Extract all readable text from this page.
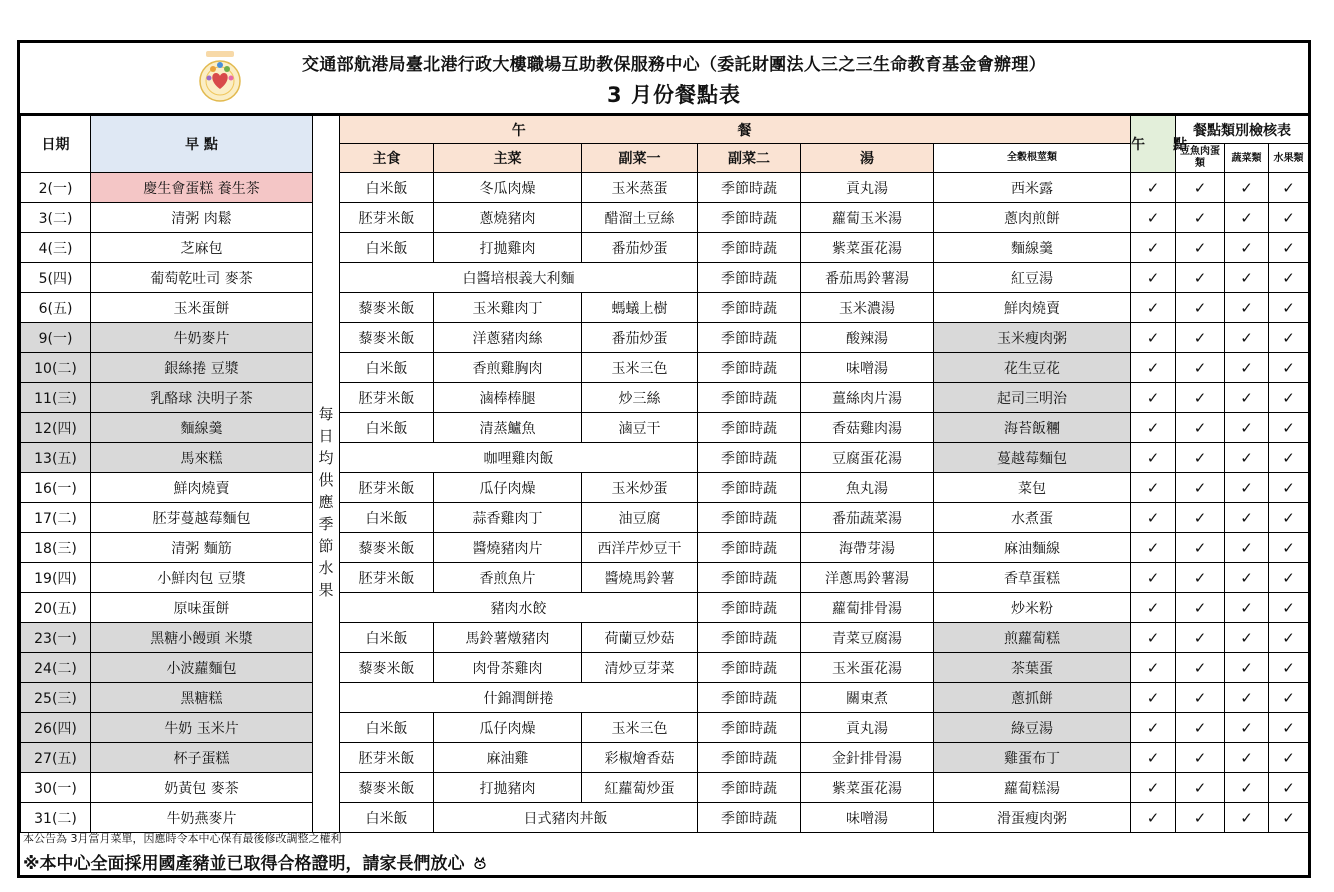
交通部航港局臺北港行政大樓職場互助教保服務中心（委託財團法人三之三生命教育基金會辦理）
3 月份餐點表
日期	早 點		午			餐			午　　點	餐點類別檢核表		
			主食	主菜	副菜一	副菜二	湯	全穀根莖類		豆魚肉蛋類	蔬菜類	水果類
2(一)	慶生會蛋糕 養生茶	每日均供應季節水果	白米飯	冬瓜肉燥	玉米蒸蛋	季節時蔬	貢丸湯	西米露	✓	✓	✓	✓
3(二)	清粥 肉鬆		胚芽米飯	蔥燒豬肉	醋溜土豆絲	季節時蔬	蘿蔔玉米湯	蔥肉煎餅	✓	✓	✓	✓
4(三)	芝麻包		白米飯	打拋雞肉	番茄炒蛋	季節時蔬	紫菜蛋花湯	麵線羹	✓	✓	✓	✓
5(四)	葡萄乾吐司 麥茶		白醬培根義大利麵			季節時蔬	番茄馬鈴薯湯	紅豆湯	✓	✓	✓	✓
6(五)	玉米蛋餅		藜麥米飯	玉米雞肉丁	螞蟻上樹	季節時蔬	玉米濃湯	鮮肉燒賣	✓	✓	✓	✓
9(一)	牛奶麥片		藜麥米飯	洋蔥豬肉絲	番茄炒蛋	季節時蔬	酸辣湯	玉米瘦肉粥	✓	✓	✓	✓
10(二)	銀絲捲 豆漿		白米飯	香煎雞胸肉	玉米三色	季節時蔬	味噌湯	花生豆花	✓	✓	✓	✓
11(三)	乳酪球 決明子茶		胚芽米飯	滷棒棒腿	炒三絲	季節時蔬	薑絲肉片湯	起司三明治	✓	✓	✓	✓
12(四)	麵線羹		白米飯	清蒸鱸魚	滷豆干	季節時蔬	香菇雞肉湯	海苔飯糰	✓	✓	✓	✓
13(五)	馬來糕		咖哩雞肉飯			季節時蔬	豆腐蛋花湯	蔓越莓麵包	✓	✓	✓	✓
16(一)	鮮肉燒賣		胚芽米飯	瓜仔肉燥	玉米炒蛋	季節時蔬	魚丸湯	菜包	✓	✓	✓	✓
17(二)	胚芽蔓越莓麵包		白米飯	蒜香雞肉丁	油豆腐	季節時蔬	番茄蔬菜湯	水煮蛋	✓	✓	✓	✓
18(三)	清粥 麵筋		藜麥米飯	醬燒豬肉片	西洋芹炒豆干	季節時蔬	海帶芽湯	麻油麵線	✓	✓	✓	✓
19(四)	小鮮肉包 豆漿		胚芽米飯	香煎魚片	醬燒馬鈴薯	季節時蔬	洋蔥馬鈴薯湯	香草蛋糕	✓	✓	✓	✓
20(五)	原味蛋餅		豬肉水餃			季節時蔬	蘿蔔排骨湯	炒米粉	✓	✓	✓	✓
23(一)	黑糖小饅頭 米漿		白米飯	馬鈴薯燉豬肉	荷蘭豆炒菇	季節時蔬	青菜豆腐湯	煎蘿蔔糕	✓	✓	✓	✓
24(二)	小波蘿麵包		藜麥米飯	肉骨茶雞肉	清炒豆芽菜	季節時蔬	玉米蛋花湯	茶葉蛋	✓	✓	✓	✓
25(三)	黑糖糕		什錦潤餅捲			季節時蔬	關東煮	蔥抓餅	✓	✓	✓	✓
26(四)	牛奶 玉米片		白米飯	瓜仔肉燥	玉米三色	季節時蔬	貢丸湯	綠豆湯	✓	✓	✓	✓
27(五)	杯子蛋糕		胚芽米飯	麻油雞	彩椒燴香菇	季節時蔬	金針排骨湯	雞蛋布丁	✓	✓	✓	✓
30(一)	奶黃包 麥茶		藜麥米飯	打拋豬肉	紅蘿蔔炒蛋	季節時蔬	紫菜蛋花湯	蘿蔔糕湯	✓	✓	✓	✓
31(二)	牛奶燕麥片		白米飯	日式豬肉丼飯		季節時蔬	味噌湯	滑蛋瘦肉粥	✓	✓	✓	✓
本公告為 3月當月菜單，因應時令本中心保有最後修改調整之權利
※本中心全面採用國產豬並已取得合格證明，請家長們放心
